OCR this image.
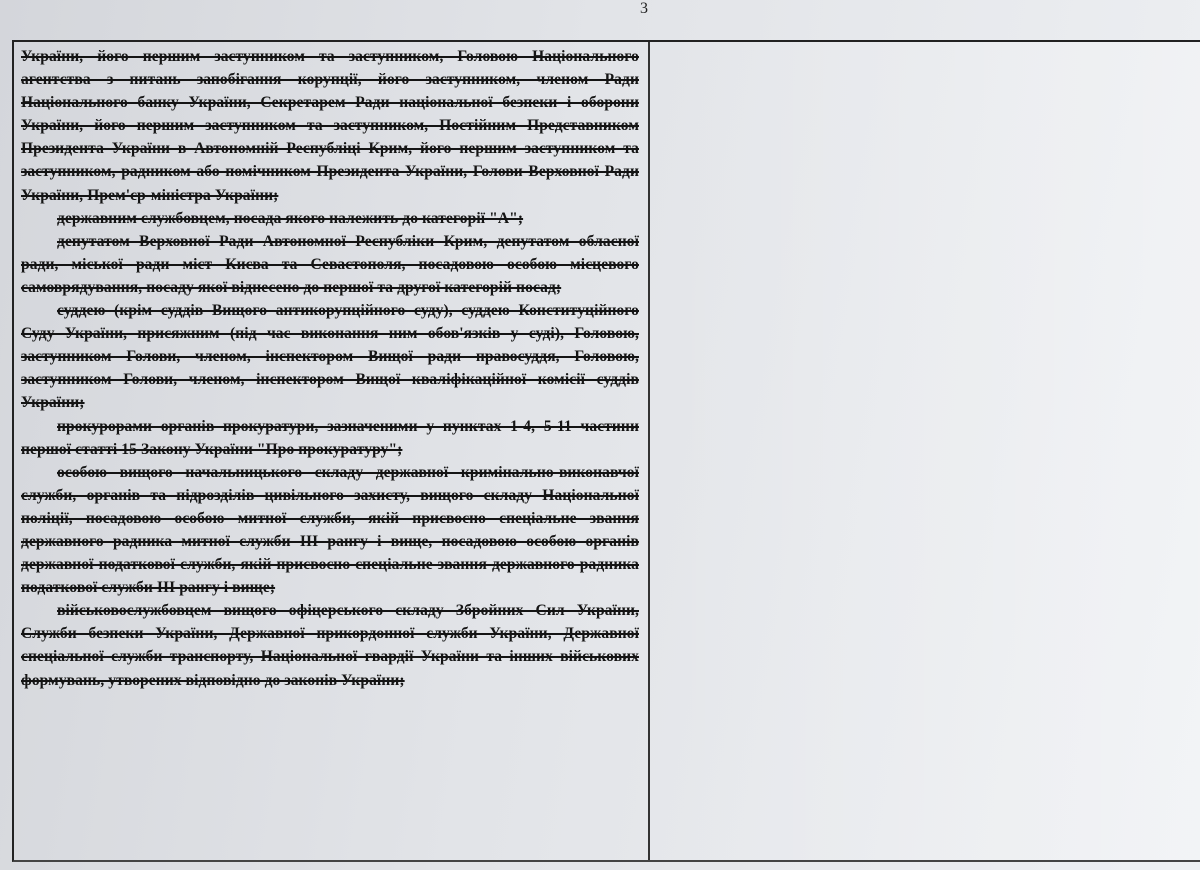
3

України, його першим заступником та заступником, Головою Національного агентства з питань запобігання корупції, його заступником, членом Ради Національного банку України, Секретарем Ради національної безпеки і оборони України, його першим заступником та заступником, Постійним Представником Президента України в Автономній Республіці Крим, його першим заступником та заступником, радником або помічником Президента України, Голови Верховної Ради України, Прем'єр-міністра України;

державним службовцем, посада якого належить до категорії "А";

депутатом Верховної Ради Автономної Республіки Крим, депутатом обласної ради, міської ради міст Києва та Севастополя, посадовою особою місцевого самоврядування, посаду якої віднесено до першої та другої категорій посад;

суддею (крім суддів Вищого антикорупційного суду), суддею Конституційного Суду України, присяжним (під час виконання ним обов'язків у суді), Головою, заступником Голови, членом, інспектором Вищої ради правосуддя, Головою, заступником Голови, членом, інспектором Вищої кваліфікаційної комісії суддів України;

прокурорами органів прокуратури, зазначеними у пунктах 1-4, 5-11 частини першої статті 15 Закону України "Про прокуратуру";

особою вищого начальницького складу державної кримінально-виконавчої служби, органів та підрозділів цивільного захисту, вищого складу Національної поліції, посадовою особою митної служби, якій присвоєно спеціальне звання державного радника митної служби III рангу і вище, посадовою особою органів державної податкової служби, якій присвоєно спеціальне звання державного радника податкової служби III рангу і вище;

військовослужбовцем вищого офіцерського складу Збройних Сил України, Служби безпеки України, Державної прикордонної служби України, Державної спеціальної служби транспорту, Національної гвардії України та інших військових формувань, утворених відповідно до законів України;
